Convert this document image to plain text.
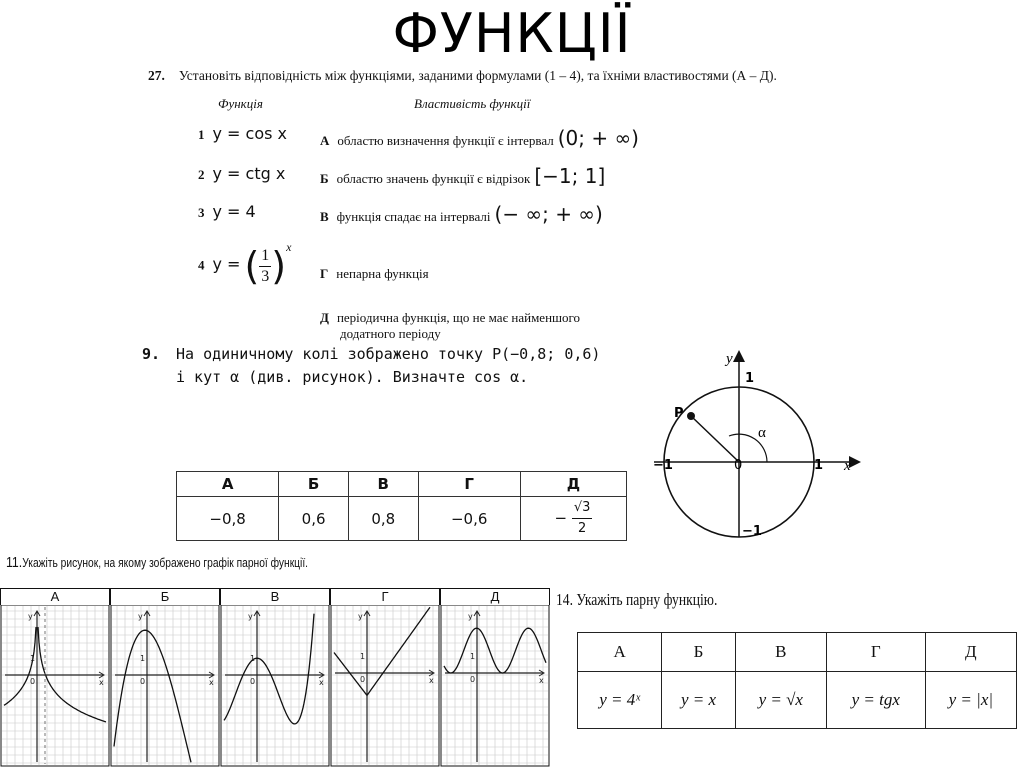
ФУНКЦІЇ
27. Установіть відповідність між функціями, заданими формулами (1 – 4), та їхніми властивостями (А – Д).
Функція	Властивість функції
1 y = cos x
2 y = ctg x
3 y = 4
4 y = ( $\frac{1}{3} )^x$
А областю визначення функції є інтервал (0; + ∞)
Б областю значень функції є відрізок [−1; 1]
В функція спадає на інтервалі (− ∞; + ∞)
Г непарна функція
Д періодична функція, що не має найменшого
додатного періоду
9. На одиничному колі зображено точку P(−0,8; 0,6)
і кут α (див. рисунок). Визначте cos α.
А	Б	В	Г	Д
−0,8	0,6	0,8	−0,6	− $\frac{√3}{2}$
y
x
0
1
1
−1
−1
P
α
11.Укажіть рисунок, на якому зображено графік парної функції.
А	Б	В	Г	Д
y
x
0
1
y
x
0
1
y
x
0
1
y
x
0
1
y
x
0
1
14. Укажіть парну функцію.
А	Б	В	Г	Д
y = 4ˣ	y = x	y = √x	y = tgx	y = |x|
